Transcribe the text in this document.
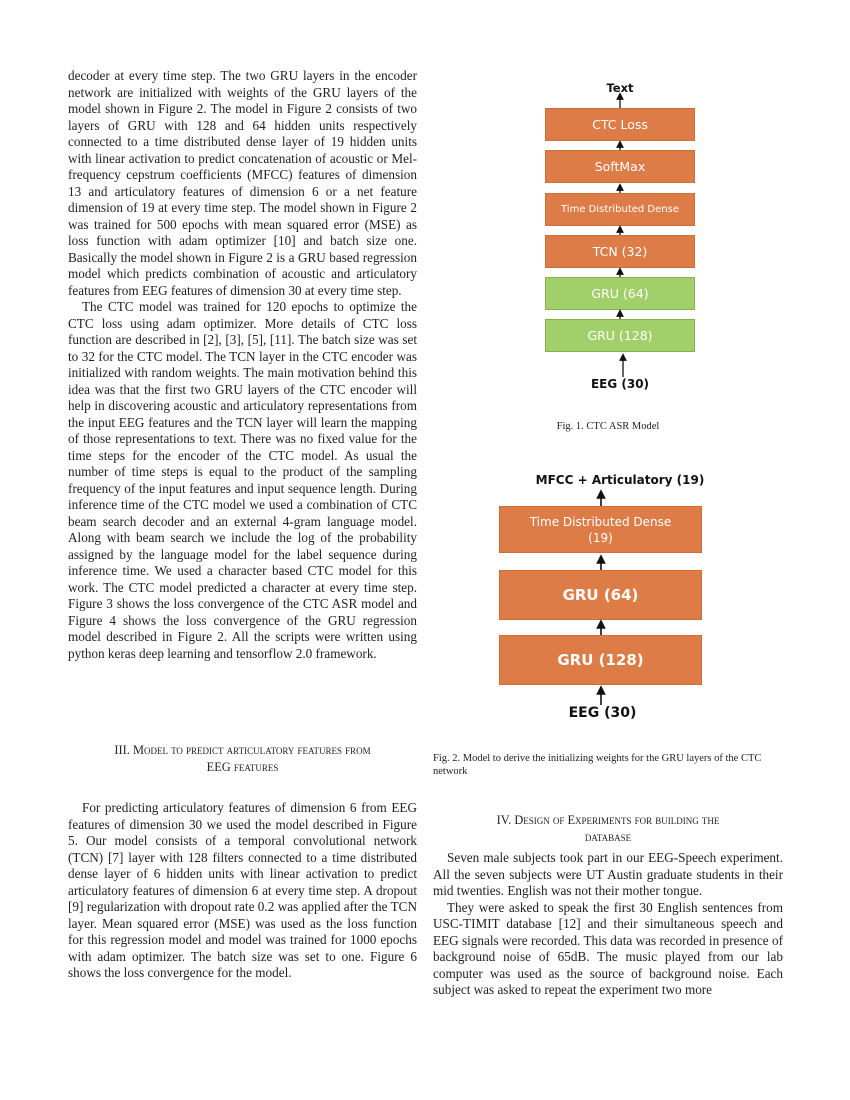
decoder at every time step. The two GRU layers in the encoder network are initialized with weights of the GRU layers of the model shown in Figure 2. The model in Figure 2 consists of two layers of GRU with 128 and 64 hidden units respectively connected to a time distributed dense layer of 19 hidden units with linear activation to predict concatenation of acoustic or Mel-frequency cepstrum coefficients (MFCC) features of dimension 13 and articulatory features of dimension 6 or a net feature dimension of 19 at every time step. The model shown in Figure 2 was trained for 500 epochs with mean squared error (MSE) as loss function with adam optimizer [10] and batch size one. Basically the model shown in Figure 2 is a GRU based regression model which predicts combination of acoustic and articulatory features from EEG features of dimension 30 at every time step.

The CTC model was trained for 120 epochs to optimize the CTC loss using adam optimizer. More details of CTC loss function are described in [2], [3], [5], [11]. The batch size was set to 32 for the CTC model. The TCN layer in the CTC encoder was initialized with random weights. The main motivation behind this idea was that the first two GRU layers of the CTC encoder will help in discovering acoustic and articulatory representations from the input EEG features and the TCN layer will learn the mapping of those representations to text. There was no fixed value for the time steps for the encoder of the CTC model. As usual the number of time steps is equal to the product of the sampling frequency of the input features and input sequence length. During inference time of the CTC model we used a combination of CTC beam search decoder and an external 4-gram language model. Along with beam search we include the log of the probability assigned by the language model for the label sequence during inference time. We used a character based CTC model for this work. The CTC model predicted a character at every time step. Figure 3 shows the loss convergence of the CTC ASR model and Figure 4 shows the loss convergence of the GRU regression model described in Figure 2. All the scripts were written using python keras deep learning and tensorflow 2.0 framework.

III. Model to predict articulatory features from
EEG features

For predicting articulatory features of dimension 6 from EEG features of dimension 30 we used the model described in Figure 5. Our model consists of a temporal convolutional network (TCN) [7] layer with 128 filters connected to a time distributed dense layer of 6 hidden units with linear activation to predict articulatory features of dimension 6 at every time step. A dropout [9] regularization with dropout rate 0.2 was applied after the TCN layer. Mean squared error (MSE) was used as the loss function for this regression model and model was trained for 1000 epochs with adam optimizer. The batch size was set to one. Figure 6 shows the loss convergence for the model.

Text
CTC Loss
SoftMax
Time Distributed Dense
TCN (32)
GRU (64)
GRU (128)
EEG (30)
Fig. 1. CTC ASR Model
MFCC + Articulatory (19)
Time Distributed Dense (19)
GRU (64)
GRU (128)
EEG (30)
Fig. 2. Model to derive the initializing weights for the GRU layers of the CTC network

IV. Design of Experiments for building the
database

Seven male subjects took part in our EEG-Speech experiment. All the seven subjects were UT Austin graduate students in their mid twenties. English was not their mother tongue.

They were asked to speak the first 30 English sentences from USC-TIMIT database [12] and their simultaneous speech and EEG signals were recorded. This data was recorded in presence of background noise of 65dB. The music played from our lab computer was used as the source of background noise. Each subject was asked to repeat the experiment two more
